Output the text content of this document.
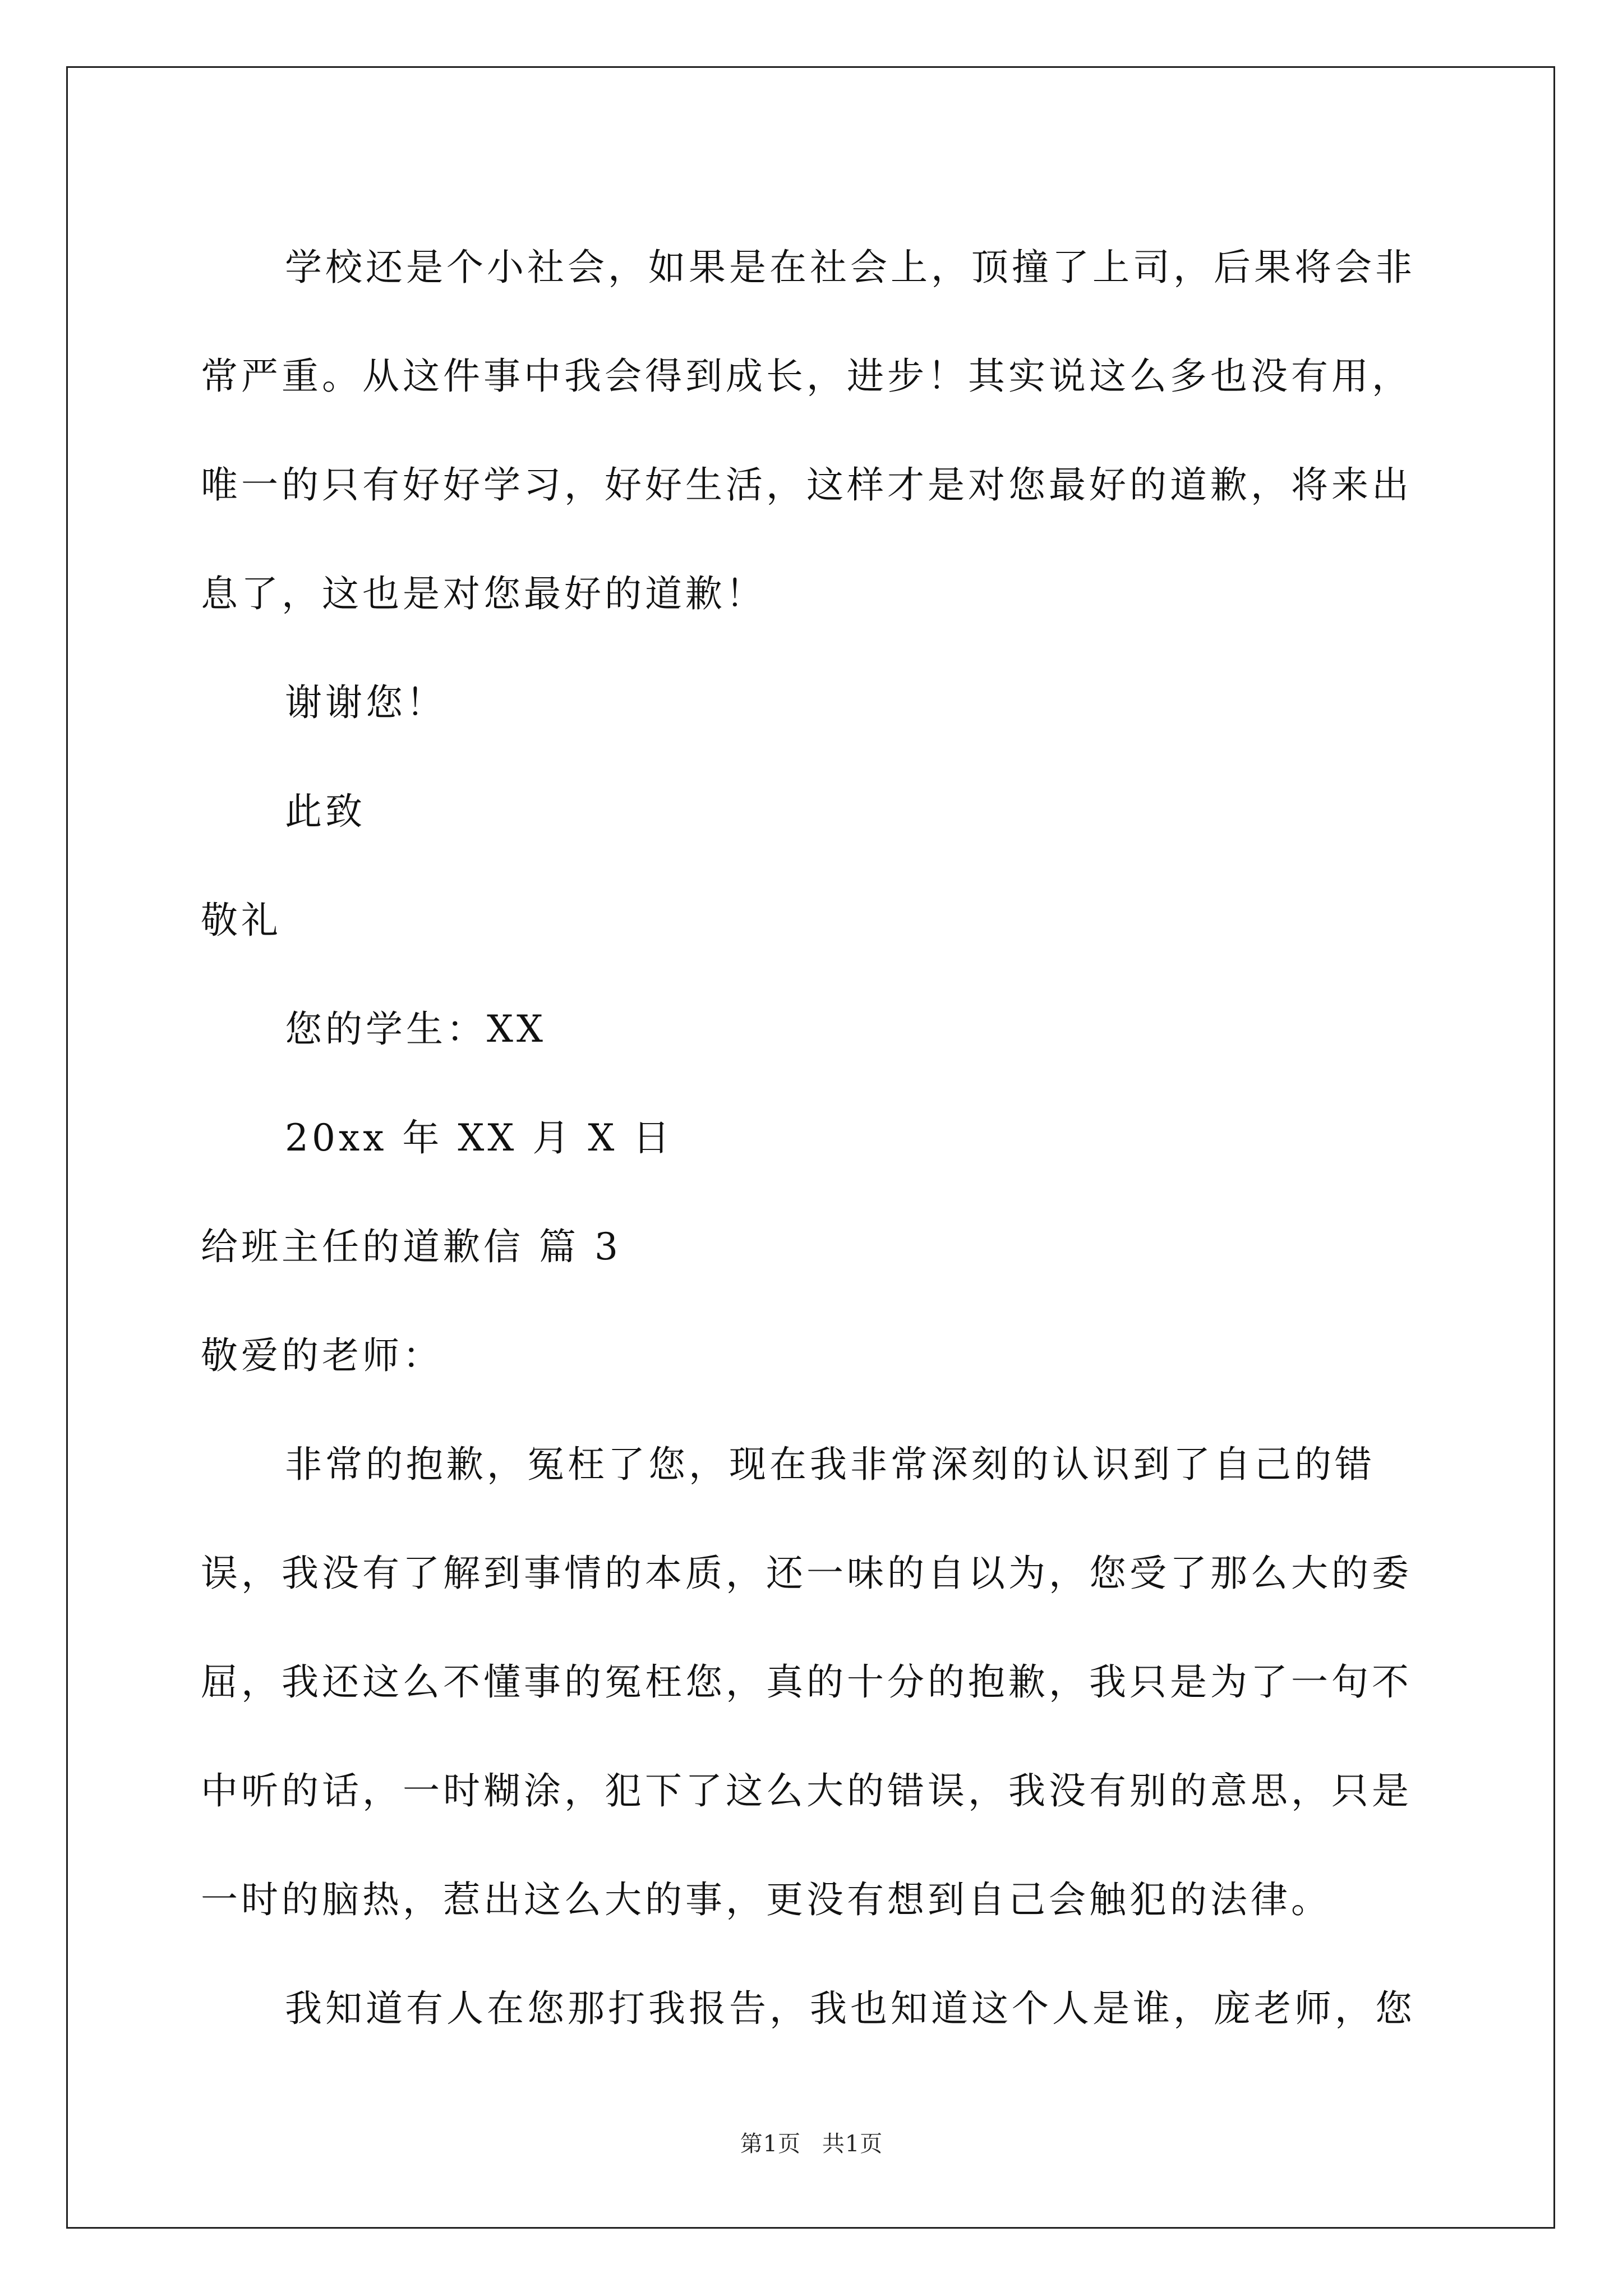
学校还是个小社会，如果是在社会上，顶撞了上司，后果将会非常严重。从这件事中我会得到成长，进步！其实说这么多也没有用，唯一的只有好好学习，好好生活，这样才是对您最好的道歉，将来出息了，这也是对您最好的道歉！

谢谢您！

此致

敬礼

您的学生：XX

20xx 年 XX 月 X 日

给班主任的道歉信 篇 3

敬爱的老师：

非常的抱歉，冤枉了您，现在我非常深刻的认识到了自己的错误，我没有了解到事情的本质，还一味的自以为，您受了那么大的委屈，我还这么不懂事的冤枉您，真的十分的抱歉，我只是为了一句不中听的话，一时糊涂，犯下了这么大的错误，我没有别的意思，只是一时的脑热，惹出这么大的事，更没有想到自己会触犯的法律。

我知道有人在您那打我报告，我也知道这个人是谁，庞老师，您

第1页 共1页
